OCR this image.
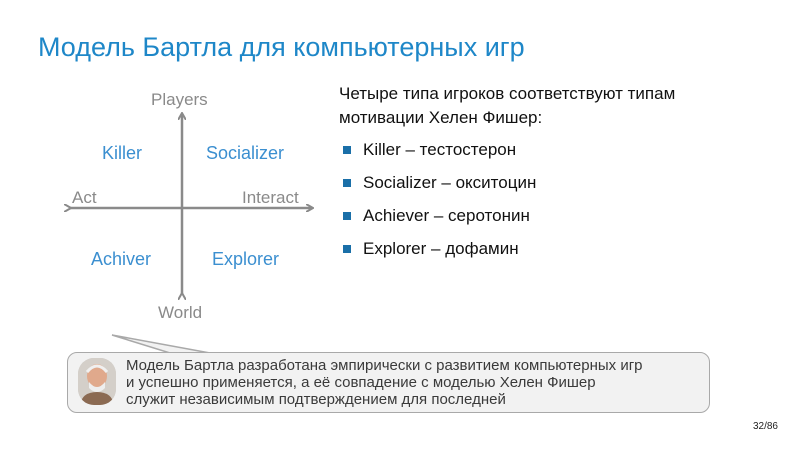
Модель Бартла для компьютерных игр
Players
World
Act	Interact
Killer	Socializer
Achiver	Explorer
Четыре типа игроков соответствуют типам
мотивации Хелен Фишер:
Killer – тестостерон
Socializer – окситоцин
Achiever – серотонин
Explorer – дофамин
Модель Бартла разработана эмпирически с развитием компьютерных игр
и успешно применяется, а её совпадение с моделью Хелен Фишер
служит независимым подтверждением для последней
32/86
